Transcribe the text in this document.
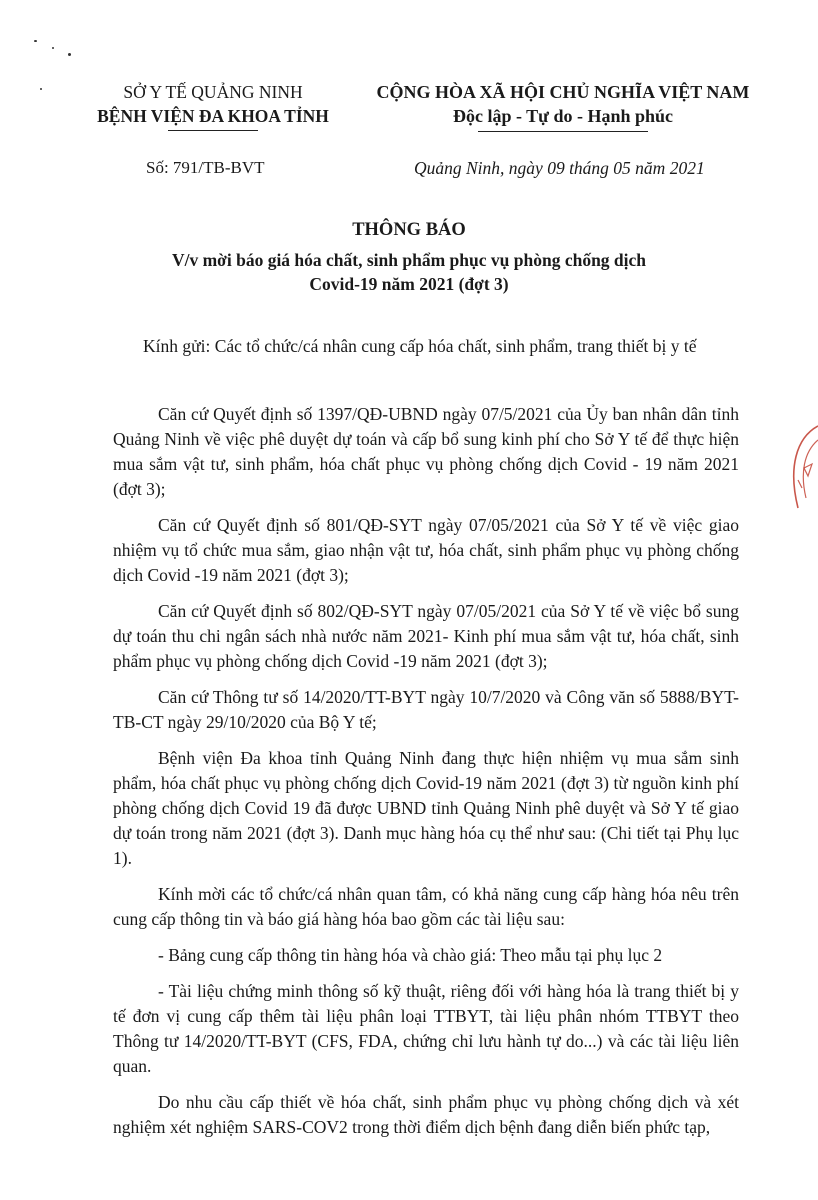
SỞ Y TẾ QUẢNG NINH
BỆNH VIỆN ĐA KHOA TỈNH
CỘNG HÒA XÃ HỘI CHỦ NGHĨA VIỆT NAM
Độc lập - Tự do - Hạnh phúc
Số: 791/TB-BVT	Quảng Ninh, ngày 09 tháng 05 năm 2021
THÔNG BÁO
V/v mời báo giá hóa chất, sinh phẩm phục vụ phòng chống dịch
Covid-19 năm 2021 (đợt 3)
Kính gửi: Các tổ chức/cá nhân cung cấp hóa chất, sinh phẩm, trang thiết bị y tế

Căn cứ Quyết định số 1397/QĐ-UBND ngày 07/5/2021 của Ủy ban nhân dân tỉnh Quảng Ninh về việc phê duyệt dự toán và cấp bổ sung kinh phí cho Sở Y tế để thực hiện mua sắm vật tư, sinh phẩm, hóa chất phục vụ phòng chống dịch Covid - 19 năm 2021 (đợt 3);

Căn cứ Quyết định số 801/QĐ-SYT ngày 07/05/2021 của Sở Y tế về việc giao nhiệm vụ tổ chức mua sắm, giao nhận vật tư, hóa chất, sinh phẩm phục vụ phòng chống dịch Covid -19 năm 2021 (đợt 3);

Căn cứ Quyết định số 802/QĐ-SYT ngày 07/05/2021 của Sở Y tế về việc bổ sung dự toán thu chi ngân sách nhà nước năm 2021- Kinh phí mua sắm vật tư, hóa chất, sinh phẩm phục vụ phòng chống dịch Covid -19 năm 2021 (đợt 3);

Căn cứ Thông tư số 14/2020/TT-BYT ngày 10/7/2020 và Công văn số 5888/BYT-TB-CT ngày 29/10/2020 của Bộ Y tế;

Bệnh viện Đa khoa tỉnh Quảng Ninh đang thực hiện nhiệm vụ mua sắm sinh phẩm, hóa chất phục vụ phòng chống dịch Covid-19 năm 2021 (đợt 3) từ nguồn kinh phí phòng chống dịch Covid 19 đã được UBND tỉnh Quảng Ninh phê duyệt và Sở Y tế giao dự toán trong năm 2021 (đợt 3). Danh mục hàng hóa cụ thể như sau: (Chi tiết tại Phụ lục 1).

Kính mời các tổ chức/cá nhân quan tâm, có khả năng cung cấp hàng hóa nêu trên cung cấp thông tin và báo giá hàng hóa bao gồm các tài liệu sau:

- Bảng cung cấp thông tin hàng hóa và chào giá: Theo mẫu tại phụ lục 2

- Tài liệu chứng minh thông số kỹ thuật, riêng đối với hàng hóa là trang thiết bị y tế đơn vị cung cấp thêm tài liệu phân loại TTBYT, tài liệu phân nhóm TTBYT theo Thông tư 14/2020/TT-BYT (CFS, FDA, chứng chỉ lưu hành tự do...) và các tài liệu liên quan.

Do nhu cầu cấp thiết về hóa chất, sinh phẩm phục vụ phòng chống dịch và xét nghiệm xét nghiệm SARS-COV2 trong thời điểm dịch bệnh đang diễn biến phức tạp,
